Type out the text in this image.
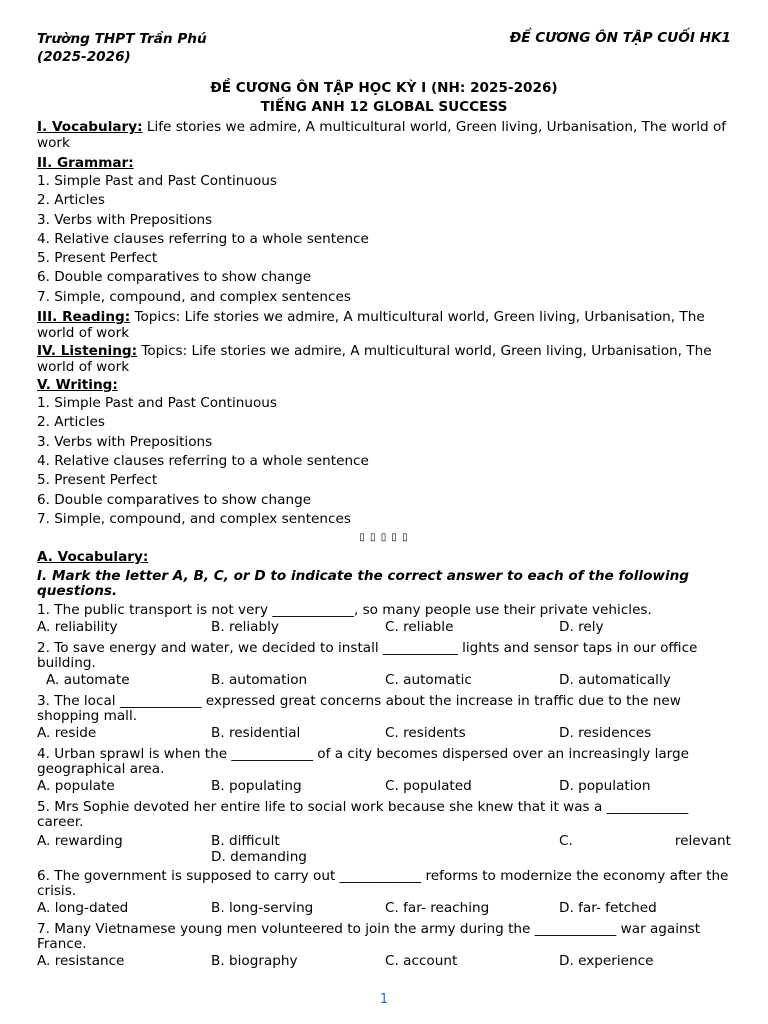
Trường THPT Trần Phú
(2025-2026)
ĐỀ CƯƠNG ÔN TẬP CUỐI HK1
ĐỀ CƯƠNG ÔN TẬP HỌC KỲ I (NH: 2025-2026)
TIẾNG ANH 12 GLOBAL SUCCESS
I. Vocabulary: Life stories we admire, A multicultural world, Green living, Urbanisation, The world of work
II. Grammar:
1. Simple Past and Past Continuous
2. Articles
3. Verbs with Prepositions
4. Relative clauses referring to a whole sentence
5. Present Perfect
6. Double comparatives to show change
7. Simple, compound, and complex sentences
III. Reading: Topics: Life stories we admire, A multicultural world, Green living, Urbanisation, The world of work
IV. Listening: Topics: Life stories we admire, A multicultural world, Green living, Urbanisation, The world of work
V. Writing:
1. Simple Past and Past Continuous
2. Articles
3. Verbs with Prepositions
4. Relative clauses referring to a whole sentence
5. Present Perfect
6. Double comparatives to show change
7. Simple, compound, and complex sentences
▯ ▯ ▯ ▯ ▯
A. Vocabulary:
I. Mark the letter A, B, C, or D to indicate the correct answer to each of the following questions.
1. The public transport is not very ____________, so many people use their private vehicles.
A. reliability	B. reliably	C. reliable	D. rely
2. To save energy and water, we decided to install ___________ lights and sensor taps in our office building.
A. automate	B. automation	C. automatic	D. automatically
3. The local ____________ expressed great concerns about the increase in traffic due to the new shopping mall.
A. reside	B. residential	C. residents	D. residences
4. Urban sprawl is when the ____________ of a city becomes dispersed over an increasingly large geographical area.
A. populate	B. populating	C. populated	D. population
5. Mrs Sophie devoted her entire life to social work because she knew that it was a ____________ career.
A. rewarding	B. difficult	C.	relevant
D. demanding
6. The government is supposed to carry out ____________ reforms to modernize the economy after the crisis.
A. long-dated	B. long-serving	C. far- reaching	D. far- fetched
7. Many Vietnamese young men volunteered to join the army during the ____________ war against France.
A. resistance	B. biography	C. account	D. experience
1
